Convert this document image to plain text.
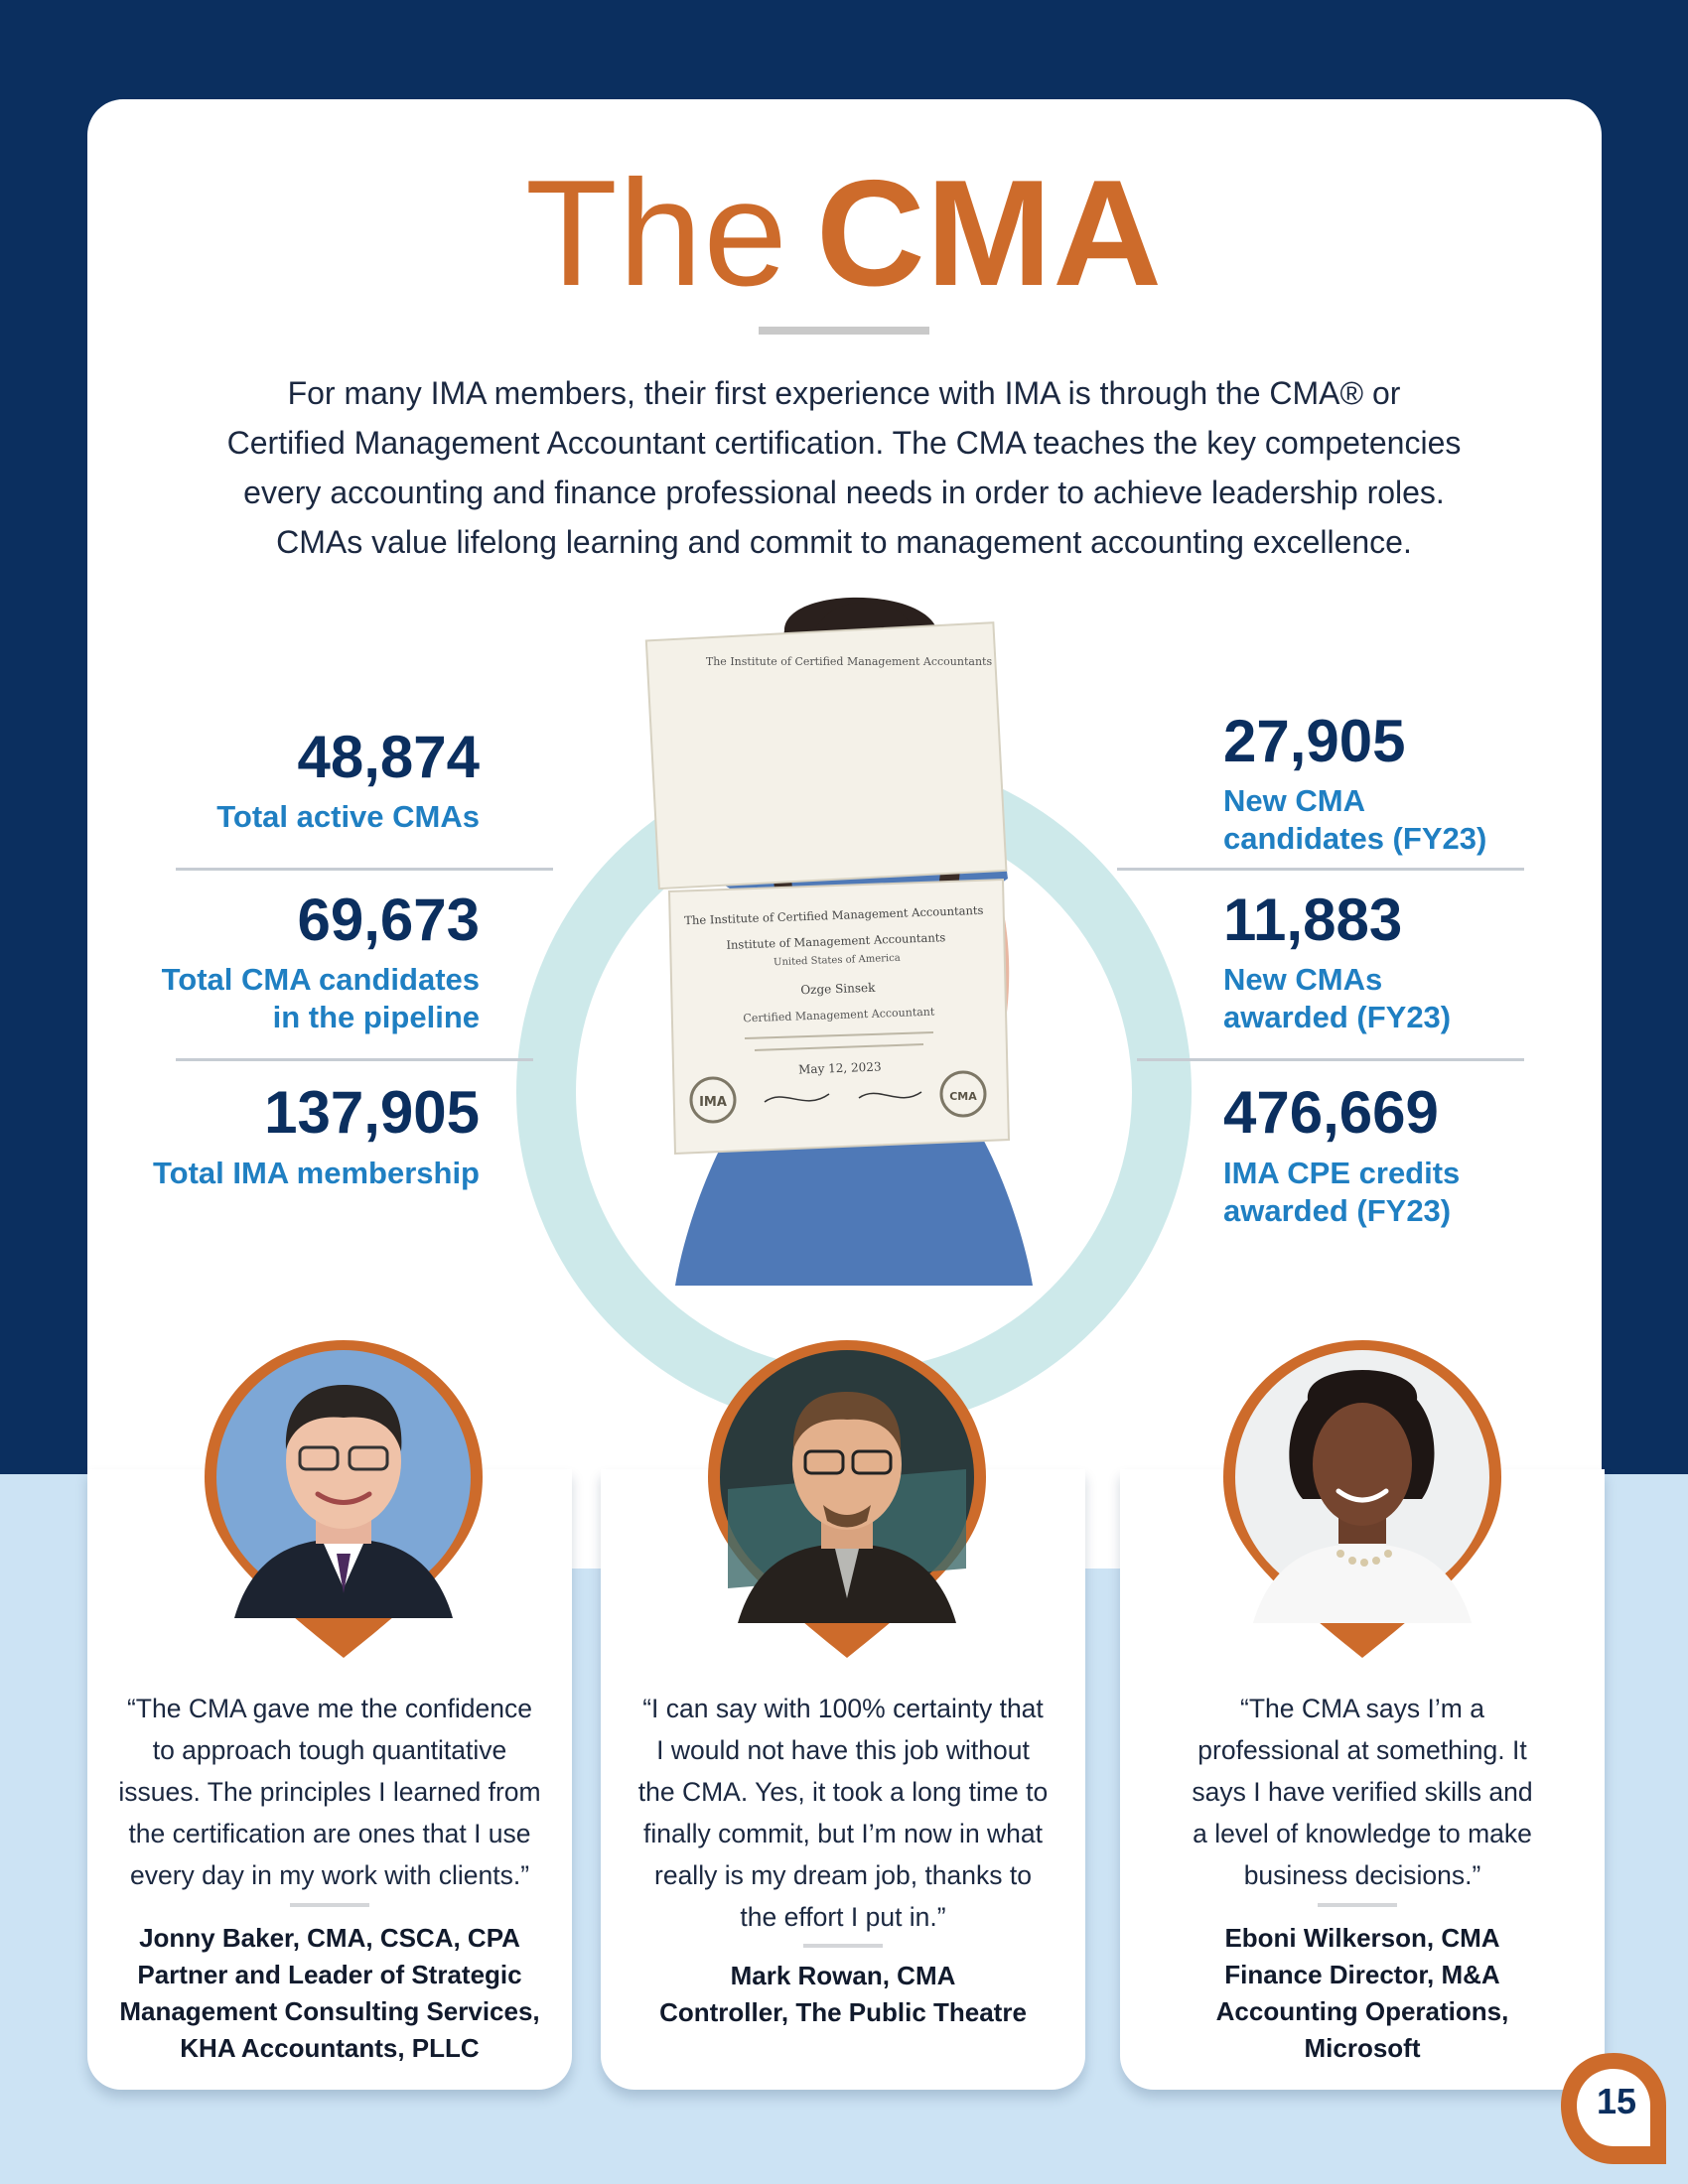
The CMA

For many IMA members, their first experience with IMA is through the CMA® or

Certified Management Accountant certification. The CMA teaches the key competencies

every accounting and finance professional needs in order to achieve leadership roles.

CMAs value lifelong learning and commit to management accounting excellence.

The Institute of Certified Management Accountants
The Institute of Certified Management Accountants
Institute of Management Accountants
United States of America
Ozge Sinsek
Certified Management Accountant
May 12, 2023
IMA	CMA
48,874
Total active CMAs
69,673
Total CMA candidates
in the pipeline
137,905
Total IMA membership
27,905
New CMA
candidates (FY23)
11,883
New CMAs
awarded (FY23)
476,669
IMA CPE credits
awarded (FY23)

“The CMA gave me the confidence

to approach tough quantitative

issues. The principles I learned from

the certification are ones that I use

every day in my work with clients.”

Jonny Baker, CMA, CSCA, CPA

Partner and Leader of Strategic

Management Consulting Services,

KHA Accountants, PLLC

“I can say with 100% certainty that

I would not have this job without

the CMA. Yes, it took a long time to

finally commit, but I’m now in what

really is my dream job, thanks to

the effort I put in.”

Mark Rowan, CMA

Controller, The Public Theatre

“The CMA says I’m a

professional at something. It

says I have verified skills and

a level of knowledge to make

business decisions.”

Eboni Wilkerson, CMA

Finance Director, M&A

Accounting Operations,

Microsoft

15
